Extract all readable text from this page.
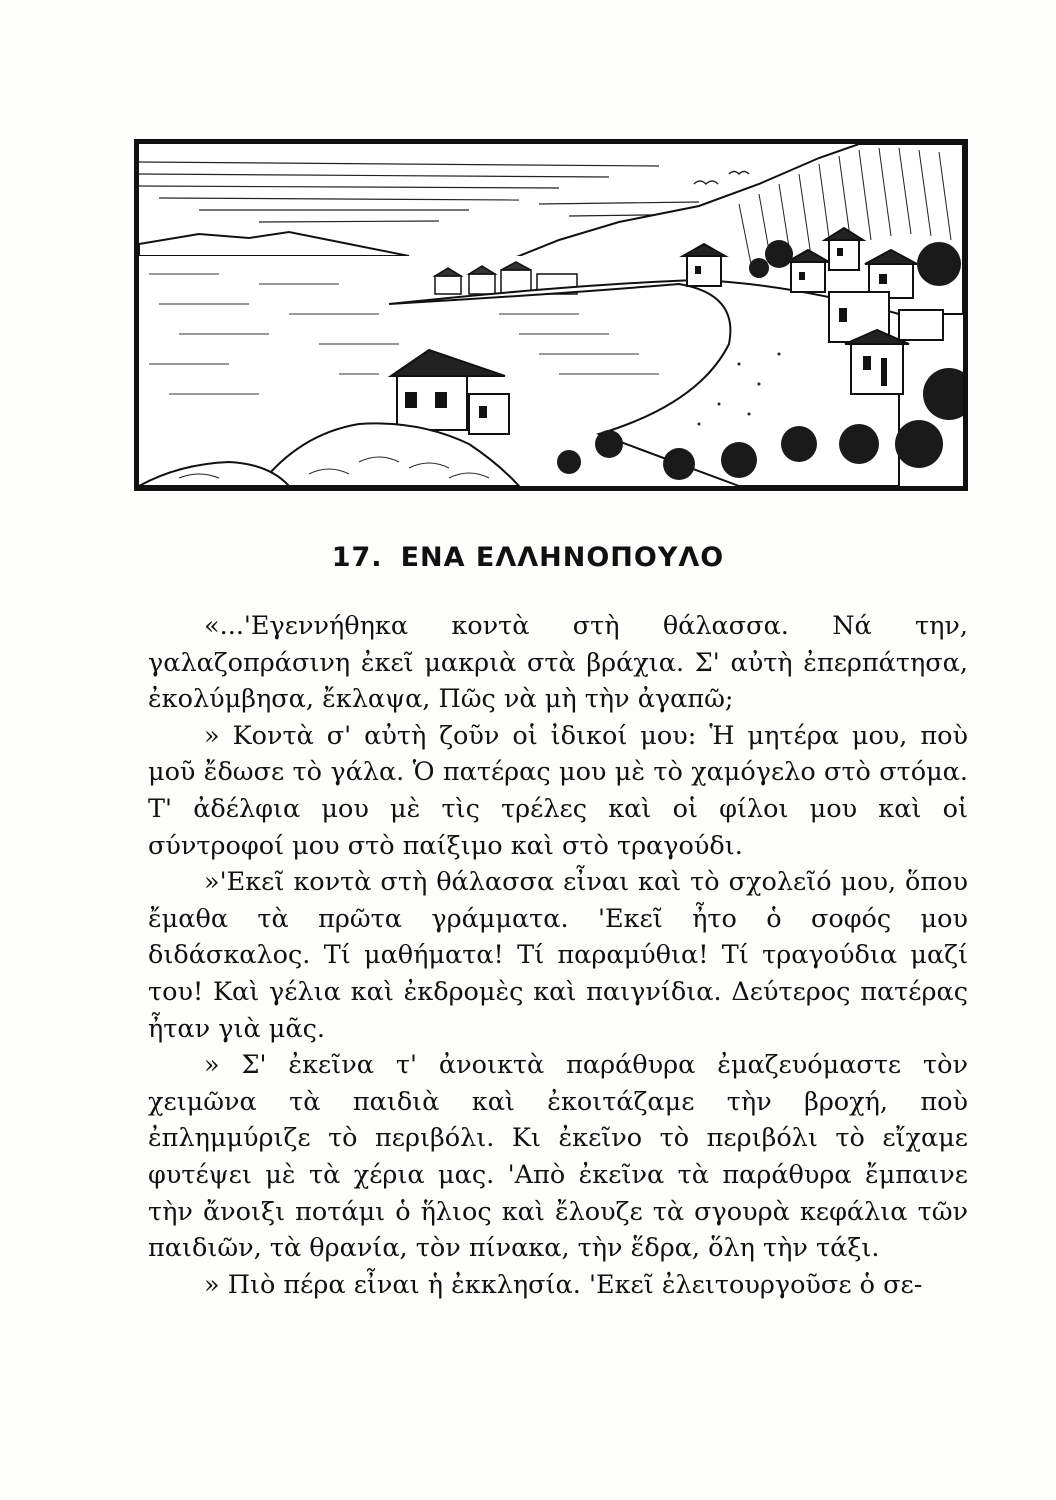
17. ΕΝΑ ΕΛΛΗΝΟΠΟΥΛΟ

«...'Εγεννήθηκα κοντὰ στὴ θάλασσα. Νά την, γαλαζοπράσινη ἐκεῖ μακριὰ στὰ βράχια. Σ' αὐτὴ ἐπερπάτησα, ἐκολύμβησα, ἔκλαψα, Πῶς νὰ μὴ τὴν ἀγαπῶ;

» Κοντὰ σ' αὐτὴ ζοῦν οἱ ἰδικοί μου: Ἡ μητέρα μου, ποὺ μοῦ ἔδωσε τὸ γάλα. Ὁ πατέρας μου μὲ τὸ χαμόγελο στὸ στόμα. Τ' ἀδέλφια μου μὲ τὶς τρέλες καὶ οἱ φίλοι μου καὶ οἱ σύντροφοί μου στὸ παίξιμο καὶ στὸ τραγούδι.

»'Εκεῖ κοντὰ στὴ θάλασσα εἶναι καὶ τὸ σχολεῖό μου, ὅπου ἔμαθα τὰ πρῶτα γράμματα. 'Εκεῖ ἦτο ὁ σοφός μου διδάσκαλος. Τί μαθήματα! Τί παραμύθια! Τί τραγούδια μαζί του! Καὶ γέλια καὶ ἐκδρομὲς καὶ παιγνίδια. Δεύτερος πατέρας ἦταν γιὰ μᾶς.

» Σ' ἐκεῖνα τ' ἀνοικτὰ παράθυρα ἐμαζευόμαστε τὸν χειμῶνα τὰ παιδιὰ καὶ ἐκοιτάζαμε τὴν βροχή, ποὺ ἐπλημμύριζε τὸ περιβόλι. Κι ἐκεῖνο τὸ περιβόλι τὸ εἴχαμε φυτέψει μὲ τὰ χέρια μας. 'Απὸ ἐκεῖνα τὰ παράθυρα ἔμπαινε τὴν ἄνοιξι ποτάμι ὁ ἥλιος καὶ ἔλουζε τὰ σγουρὰ κεφάλια τῶν παιδιῶν, τὰ θρανία, τὸν πίνακα, τὴν ἕδρα, ὅλη τὴν τάξι.

» Πιὸ πέρα εἶναι ἡ ἐκκλησία. 'Εκεῖ ἐλειτουργοῦσε ὁ σε-
